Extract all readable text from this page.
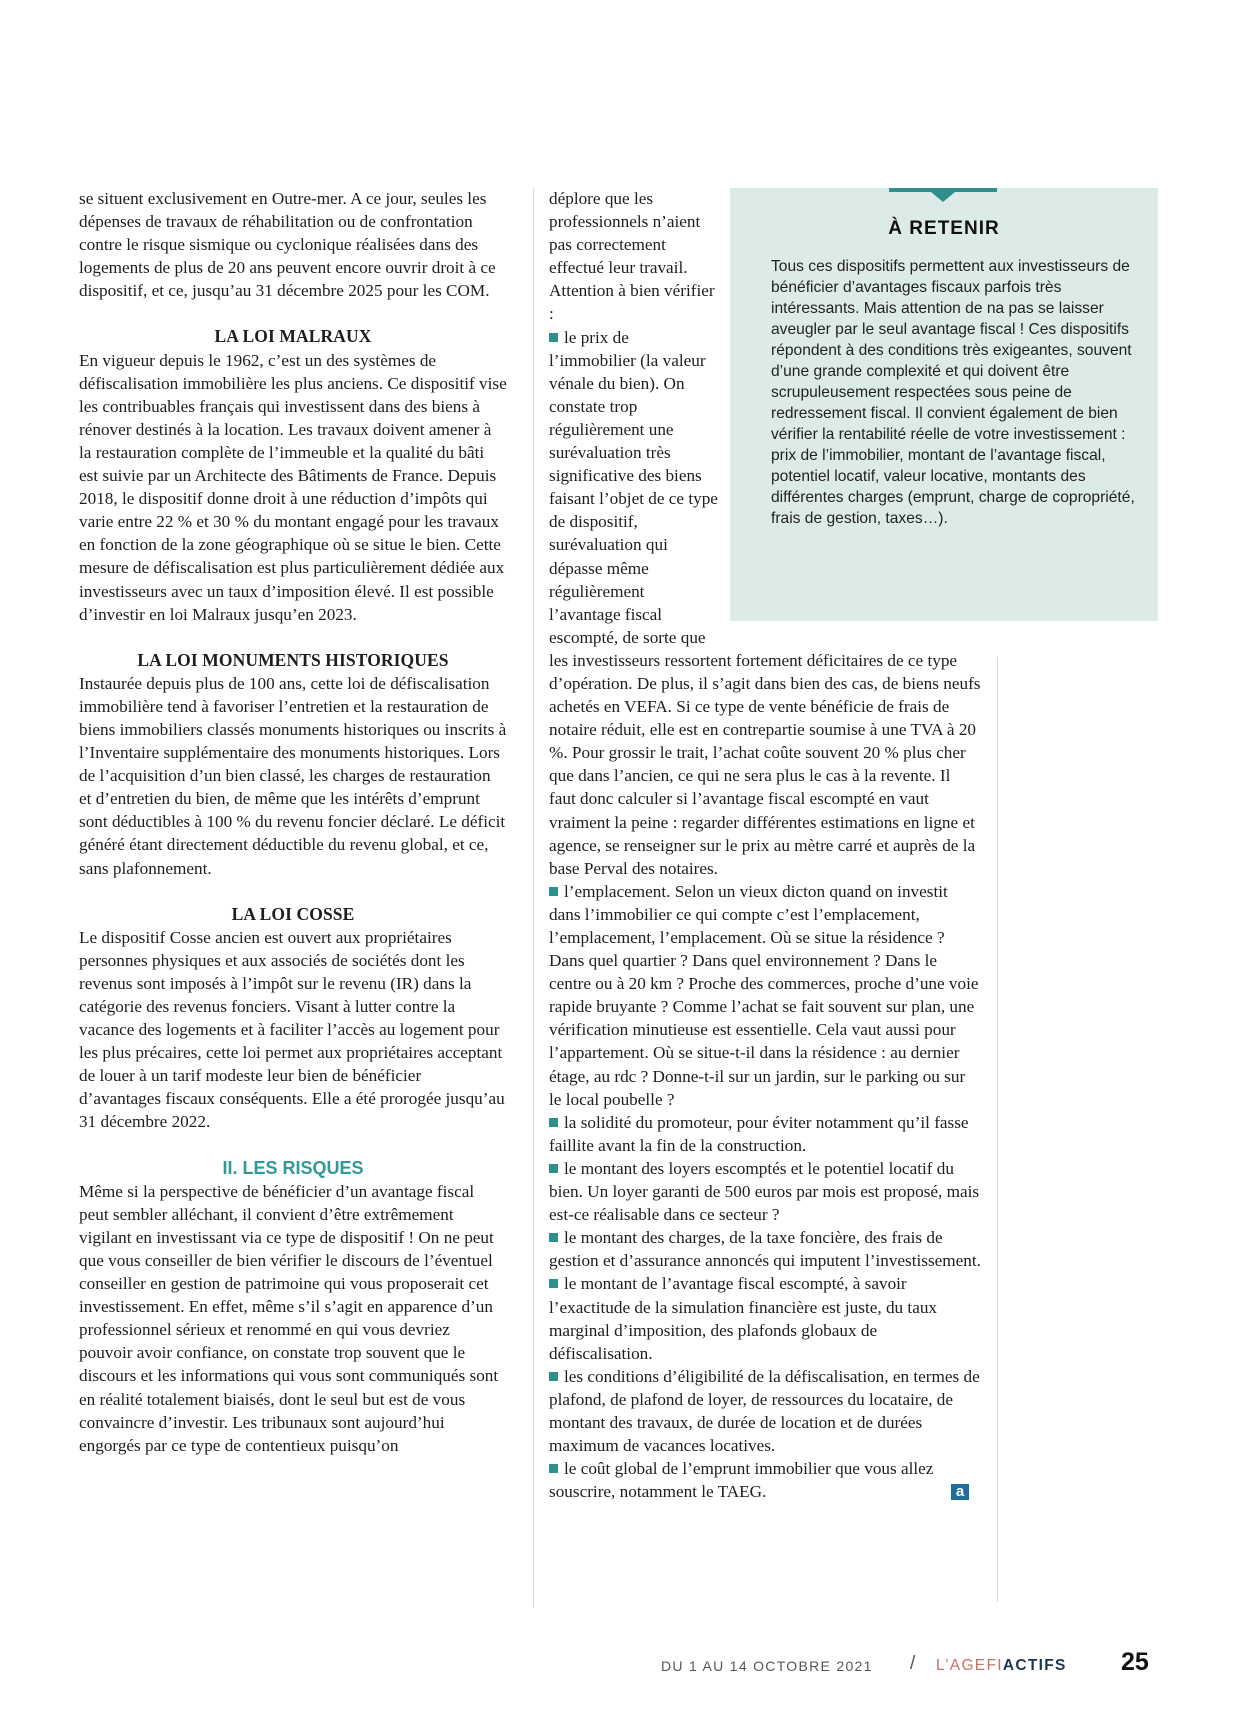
se situent exclusivement en Outre-mer. A ce jour, seules les dépenses de travaux de réhabilitation ou de confrontation contre le risque sismique ou cyclonique réalisées dans des logements de plus de 20 ans peuvent encore ouvrir droit à ce dispositif, et ce, jusqu’au 31 décembre 2025 pour les COM.

LA LOI MALRAUX

En vigueur depuis le 1962, c’est un des systèmes de défiscalisation immobilière les plus anciens. Ce dispositif vise les contribuables français qui investissent dans des biens à rénover destinés à la location. Les travaux doivent amener à la restauration complète de l’immeuble et la qualité du bâti est suivie par un Architecte des Bâtiments de France. Depuis 2018, le dispositif donne droit à une réduction d’impôts qui varie entre 22 % et 30 % du montant engagé pour les travaux en fonction de la zone géographique où se situe le bien. Cette mesure de défiscalisation est plus particulièrement dédiée aux investisseurs avec un taux d’imposition élevé. Il est possible d’investir en loi Malraux jusqu’en 2023.

LA LOI MONUMENTS HISTORIQUES

Instaurée depuis plus de 100 ans, cette loi de défiscalisation immobilière tend à favoriser l’entretien et la restauration de biens immobiliers classés monuments historiques ou inscrits à l’Inventaire supplémentaire des monuments historiques. Lors de l’acquisition d’un bien classé, les charges de restauration et d’entretien du bien, de même que les intérêts d’emprunt sont déductibles à 100 % du revenu foncier déclaré. Le déficit généré étant directement déductible du revenu global, et ce, sans plafonnement.

LA LOI COSSE

Le dispositif Cosse ancien est ouvert aux propriétaires personnes physiques et aux associés de sociétés dont les revenus sont imposés à l’impôt sur le revenu (IR) dans la catégorie des revenus fonciers. Visant à lutter contre la vacance des logements et à faciliter l’accès au logement pour les plus précaires, cette loi permet aux propriétaires acceptant de louer à un tarif modeste leur bien de bénéficier d’avantages fiscaux conséquents. Elle a été prorogée jusqu’au 31 décembre 2022.

II. LES RISQUES

Même si la perspective de bénéficier d’un avantage fiscal peut sembler alléchant, il convient d’être extrêmement vigilant en investissant via ce type de dispositif ! On ne peut que vous conseiller de bien vérifier le discours de l’éventuel conseiller en gestion de patrimoine qui vous proposerait cet investissement. En effet, même s’il s’agit en apparence d’un professionnel sérieux et renommé en qui vous devriez pouvoir avoir confiance, on constate trop souvent que le discours et les informations qui vous sont communiqués sont en réalité totalement biaisés, dont le seul but est de vous convaincre d’investir. Les tribunaux sont aujourd’hui engorgés par ce type de contentieux puisqu’on

déplore que les professionnels n’aient pas correctement effectué leur travail.

Attention à bien vérifier :

le prix de l’immobilier (la valeur vénale du bien). On constate trop régulièrement une surévaluation très significative des biens faisant l’objet de ce type de dispositif, surévaluation qui dépasse même régulièrement l’avantage fiscal escompté, de sorte que les investisseurs ressortent fortement déficitaires de ce type d’opération. De plus, il s’agit dans bien des cas, de biens neufs achetés en VEFA. Si ce type de vente bénéficie de frais de notaire réduit, elle est en contrepartie soumise à une TVA à 20 %. Pour grossir le trait, l’achat coûte souvent 20 % plus cher que dans l’ancien, ce qui ne sera plus le cas à la revente. Il faut donc calculer si l’avantage fiscal escompté en vaut vraiment la peine : regarder différentes estimations en ligne et agence, se renseigner sur le prix au mètre carré et auprès de la base Perval des notaires.

l’emplacement. Selon un vieux dicton quand on investit dans l’immobilier ce qui compte c’est l’emplacement, l’emplacement, l’emplacement. Où se situe la résidence ? Dans quel quartier ? Dans quel environnement ? Dans le centre ou à 20 km ? Proche des commerces, proche d’une voie rapide bruyante ? Comme l’achat se fait souvent sur plan, une vérification minutieuse est essentielle. Cela vaut aussi pour l’appartement. Où se situe-t-il dans la résidence : au dernier étage, au rdc ? Donne-t-il sur un jardin, sur le parking ou sur le local poubelle ?

la solidité du promoteur, pour éviter notamment qu’il fasse faillite avant la fin de la construction.

le montant des loyers escomptés et le potentiel locatif du bien. Un loyer garanti de 500 euros par mois est proposé, mais est-ce réalisable dans ce secteur ?

le montant des charges, de la taxe foncière, des frais de gestion et d’assurance annoncés qui imputent l’investissement.

le montant de l’avantage fiscal escompté, à savoir l’exactitude de la simulation financière est juste, du taux marginal d’imposition, des plafonds globaux de défiscalisation.

les conditions d’éligibilité de la défiscalisation, en termes de plafond, de plafond de loyer, de ressources du locataire, de montant des travaux, de durée de location et de durées maximum de vacances locatives.

le coût global de l’emprunt immobilier que vous allez souscrire, notamment le TAEG.	a

À RETENIR
Tous ces dispositifs permettent aux investisseurs de bénéficier d’avantages fiscaux parfois très intéressants. Mais attention de na pas se laisser aveugler par le seul avantage fiscal ! Ces dispositifs répondent à des conditions très exigeantes, souvent d’une grande complexité et qui doivent être scrupuleusement respectées sous peine de redressement fiscal. Il convient également de bien vérifier la rentabilité réelle de votre investissement : prix de l’immobilier, montant de l’avantage fiscal, potentiel locatif, valeur locative, montants des différentes charges (emprunt, charge de copropriété, frais de gestion, taxes…).
DU 1 AU 14 OCTOBRE 2021 / L’AGEFIACTIFS 25
